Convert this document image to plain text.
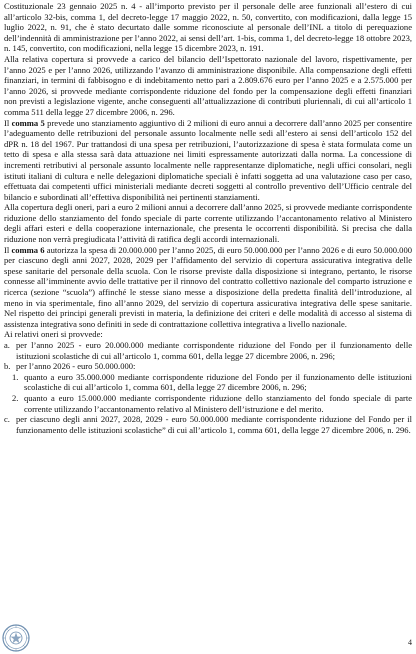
Costituzionale 23 gennaio 2025 n. 4 - all’importo previsto per il personale delle aree funzionali all’estero di cui all’articolo 32-bis, comma 1, del decreto-legge 17 maggio 2022, n. 50, convertito, con modificazioni, dalla legge 15 luglio 2022, n. 91, che è stato decurtato dalle somme riconosciute al personale dell’INL a titolo di perequazione dell’indennità di amministrazione per l’anno 2022, ai sensi dell’art. 1-bis, comma 1, del decreto-legge 18 ottobre 2023, n. 145, convertito, con modificazioni, nella legge 15 dicembre 2023, n. 191.

Alla relativa copertura si provvede a carico del bilancio dell’Ispettorato nazionale del lavoro, rispettivamente, per l’anno 2025 e per l’anno 2026, utilizzando l’avanzo di amministrazione disponibile. Alla compensazione degli effetti finanziari, in termini di fabbisogno e di indebitamento netto pari a 2.809.676 euro per l’anno 2025 e a 2.575.000 per l’anno 2026, si provvede mediante corrispondente riduzione del fondo per la compensazione degli effetti finanziari non previsti a legislazione vigente, anche conseguenti all’attualizzazione di contributi pluriennali, di cui all’articolo 1 comma 511 della legge 27 dicembre 2006, n. 296.

Il comma 5 prevede uno stanziamento aggiuntivo di 2 milioni di euro annui a decorrere dall’anno 2025 per consentire l’adeguamento delle retribuzioni del personale assunto localmente nelle sedi all’estero ai sensi dell’articolo 152 del dPR n. 18 del 1967. Pur trattandosi di una spesa per retribuzioni, l’autorizzazione di spesa è stata formulata come un tetto di spesa e alla stessa sarà data attuazione nei limiti espressamente autorizzati dalla norma. La concessione di incrementi retributivi al personale assunto localmente nelle rappresentanze diplomatiche, negli uffici consolari, negli istituti italiani di cultura e nelle delegazioni diplomatiche speciali è infatti soggetta ad una valutazione caso per caso, effettuata dai competenti uffici ministeriali mediante decreti soggetti al controllo preventivo dell’Ufficio centrale del bilancio e subordinati all’effettiva disponibilità nei pertinenti stanziamenti.

Alla copertura degli oneri, pari a euro 2 milioni annui a decorrere dall’anno 2025, si provvede mediante corrispondente riduzione dello stanziamento del fondo speciale di parte corrente utilizzando l’accantonamento relativo al Ministero degli affari esteri e della cooperazione internazionale, che presenta le occorrenti disponibilità. Si precisa che dalla riduzione non verrà pregiudicata l’attività di ratifica degli accordi internazionali.

Il comma 6 autorizza la spesa di 20.000.000 per l’anno 2025, di euro 50.000.000 per l’anno 2026 e di euro 50.000.000 per ciascuno degli anni 2027, 2028, 2029 per l’affidamento del servizio di copertura assicurativa integrativa delle spese sanitarie del personale della scuola. Con le risorse previste dalla disposizione si integrano, pertanto, le risorse connesse all’imminente avvio delle trattative per il rinnovo del contratto collettivo nazionale del comparto istruzione e ricerca (sezione “scuola”) affinché le stesse siano messe a disposizione della predetta finalità dell’introduzione, al meno in via sperimentale, fino all’anno 2029, del servizio di copertura assicurativa integrativa delle spese sanitarie. Nel rispetto dei principi generali previsti in materia, la definizione dei criteri e delle modalità di accesso al sistema di assistenza integrativa sono definiti in sede di contrattazione collettiva integrativa a livello nazionale.

Ai relativi oneri si provvede:

a. per l’anno 2025 - euro 20.000.000 mediante corrispondente riduzione del Fondo per il funzionamento delle istituzioni scolastiche di cui all’articolo 1, comma 601, della legge 27 dicembre 2006, n. 296;
b. per l’anno 2026 - euro 50.000.000:
1. quanto a euro 35.000.000 mediante corrispondente riduzione del Fondo per il funzionamento delle istituzioni scolastiche di cui all’articolo 1, comma 601, della legge 27 dicembre 2006, n. 296;
2. quanto a euro 15.000.000 mediante corrispondente riduzione dello stanziamento del fondo speciale di parte corrente utilizzando l’accantonamento relativo al Ministero dell’istruzione e del merito.
c. per ciascuno degli anni 2027, 2028, 2029 - euro 50.000.000 mediante corrispondente riduzione del Fondo per il funzionamento delle istituzioni scolastiche” di cui all’articolo 1, comma 601, della legge 27 dicembre 2006, n. 296.
4
